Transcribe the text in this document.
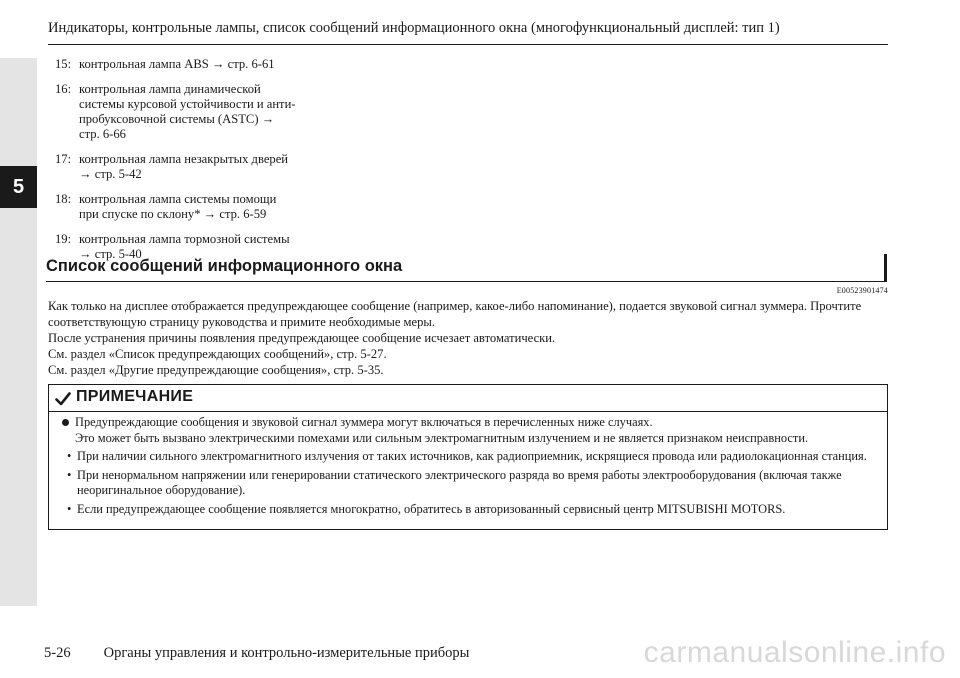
5
Индикаторы, контрольные лампы, список сообщений информационного окна (многофункциональный дисплей: тип 1)
15: контрольная лампа ABS → стр. 6-61
16: контрольная лампа динамической
системы курсовой устойчивости и анти-
пробуксовочной системы (ASTC) →
стр. 6-66
17: контрольная лампа незакрытых дверей
→ стр. 5-42
18: контрольная лампа системы помощи
при спуске по склону* → стр. 6-59
19: контрольная лампа тормозной системы
→ стр. 5-40
Список сообщений информационного окна
E00523901474
Как только на дисплее отображается предупреждающее сообщение (например, какое-либо напоминание), подается звуковой сигнал зуммера. Прочтите
соответствующую страницу руководства и примите необходимые меры.
После устранения причины появления предупреждающее сообщение исчезает автоматически.
См. раздел «Список предупреждающих сообщений», стр. 5-27.
См. раздел «Другие предупреждающие сообщения», стр. 5-35.
ПРИМЕЧАНИЕ
Предупреждающие сообщения и звуковой сигнал зуммера могут включаться в перечисленных ниже случаях.
Это может быть вызвано электрическими помехами или сильным электромагнитным излучением и не является признаком неисправности.
• При наличии сильного электромагнитного излучения от таких источников, как радиоприемник, искрящиеся провода или радиолокационная станция.
• При ненормальном напряжении или генерировании статического электрического разряда во время работы электрооборудования (включая также неоригинальное оборудование).
• Если предупреждающее сообщение появляется многократно, обратитесь в авторизованный сервисный центр MITSUBISHI MOTORS.
5-26 Органы управления и контрольно-измерительные приборы	carmanualsonline.info
